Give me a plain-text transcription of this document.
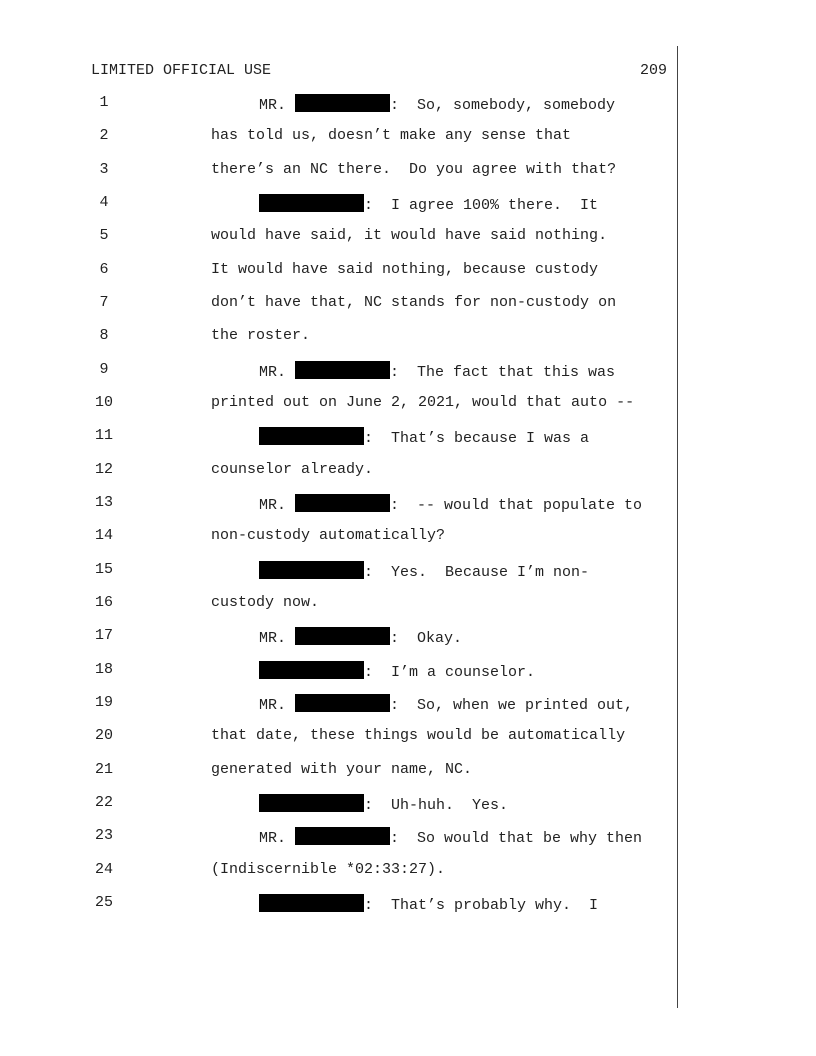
LIMITED OFFICIAL USE	209
1	MR.	:  So, somebody, somebody
2	has told us, doesn’t make any sense that
3	there’s an NC there.  Do you agree with that?
4	:  I agree 100% there.  It
5	would have said, it would have said nothing.
6	It would have said nothing, because custody
7	don’t have that, NC stands for non-custody on
8	the roster.
9	MR.	:  The fact that this was
10	printed out on June 2, 2021, would that auto --
11	:  That’s because I was a
12	counselor already.
13	MR.	:  -- would that populate to
14	non-custody automatically?
15	:  Yes.  Because I’m non-
16	custody now.
17	MR.	:  Okay.
18	:  I’m a counselor.
19	MR.	:  So, when we printed out,
20	that date, these things would be automatically
21	generated with your name, NC.
22	:  Uh-huh.  Yes.
23	MR.	:  So would that be why then
24	(Indiscernible *02:33:27).
25	:  That’s probably why.  I
